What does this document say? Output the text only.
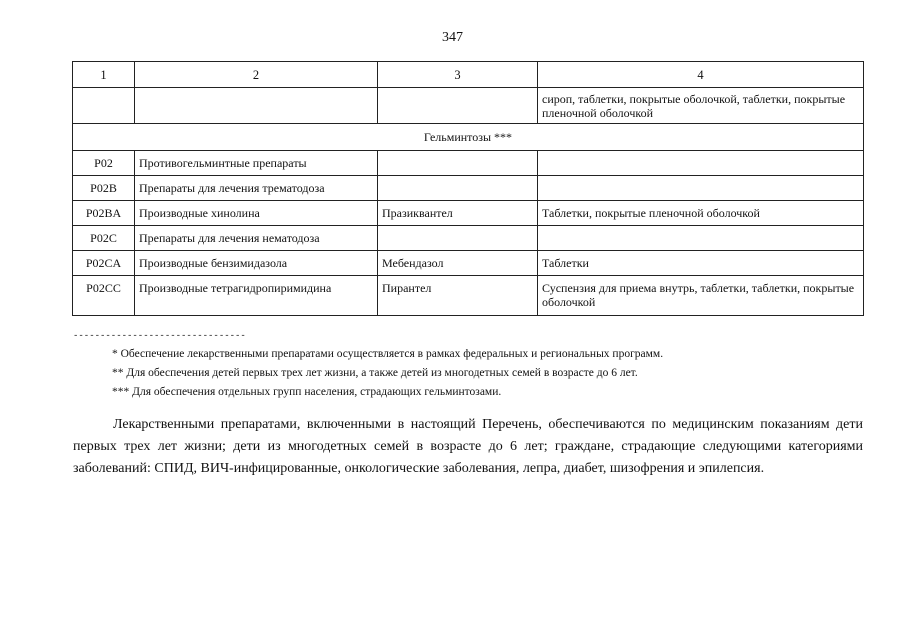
347
1	2	3	4
			сироп, таблетки, покрытые оболочкой, таблетки, покрытые пленочной оболочкой
Гельминтозы ***			
P02	Противогельминтные препараты		
P02B	Препараты для лечения трематодоза		
P02BA	Производные хинолина	Празиквантел	Таблетки, покрытые пленочной оболочкой
P02C	Препараты для лечения нематодоза		
P02CA	Производные бензимидазола	Мебендазол	Таблетки
P02CC	Производные тетрагидропиримидина	Пирантел	Суспензия для приема внутрь, таблетки, таблетки, покрытые оболочкой
--------------------------------
* Обеспечение лекарственными препаратами осуществляется в рамках федеральных и региональных программ.
** Для обеспечения детей первых трех лет жизни, а также детей из многодетных семей в возрасте до 6 лет.
*** Для обеспечения отдельных групп населения, страдающих гельминтозами.

Лекарственными препаратами, включенными в настоящий Перечень, обеспечиваются по медицинским показаниям дети первых трех лет жизни; дети из многодетных семей в возрасте до 6 лет; граждане, страдающие следующими категориями заболеваний: СПИД, ВИЧ-инфицированные, онкологические заболевания, лепра, диабет, шизофрения и эпилепсия.
